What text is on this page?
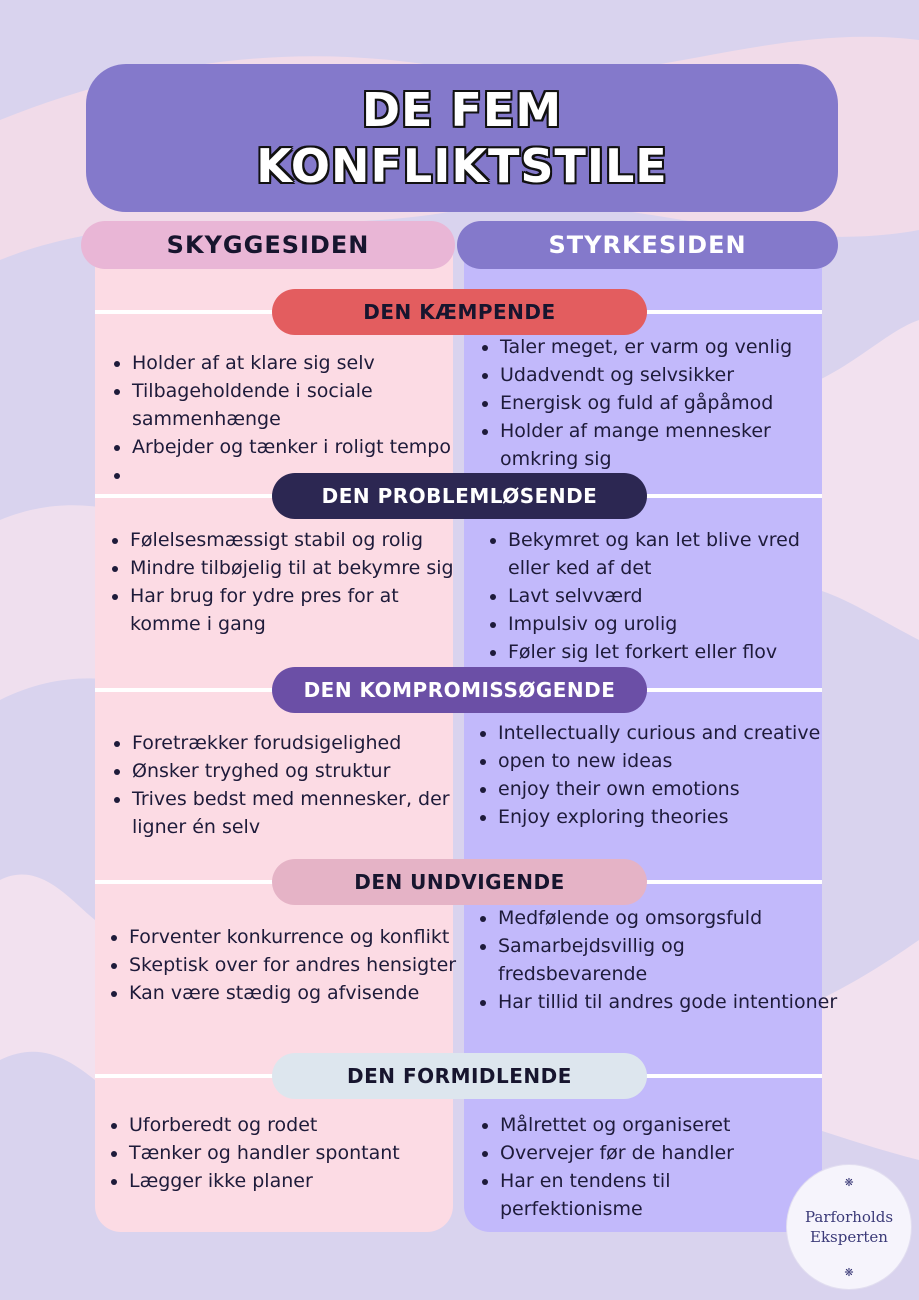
DE FEM
KONFLIKTSTILE
SKYGGESIDEN	STYRKESIDEN
DEN KÆMPENDE
DEN PROBLEMLØSENDE
DEN KOMPROMISSØGENDE
DEN UNDVIGENDE
DEN FORMIDLENDE
• Holder af at klare sig selv
• Tilbageholdende i sociale sammenhænge
• Arbejder og tænker i roligt tempo
•
• Taler meget, er varm og venlig
• Udadvendt og selvsikker
• Energisk og fuld af gåpåmod
• Holder af mange mennesker omkring sig
• Følelsesmæssigt stabil og rolig
• Mindre tilbøjelig til at bekymre sig
• Har brug for ydre pres for at komme i gang
• Bekymret og kan let blive vred eller ked af det
• Lavt selvværd
• Impulsiv og urolig
• Føler sig let forkert eller flov
• Foretrækker forudsigelighed
• Ønsker tryghed og struktur
• Trives bedst med mennesker, der ligner én selv
• Intellectually curious and creative
• open to new ideas
• enjoy their own emotions
• Enjoy exploring theories
• Forventer konkurrence og konflikt
• Skeptisk over for andres hensigter
• Kan være stædig og afvisende
• Medfølende og omsorgsfuld
• Samarbejdsvillig og fredsbevarende
• Har tillid til andres gode intentioner
• Uforberedt og rodet
• Tænker og handler spontant
• Lægger ikke planer
• Målrettet og organiseret
• Overvejer før de handler
• Har en tendens til perfektionisme
❋
Parforholds
Eksperten
❋
